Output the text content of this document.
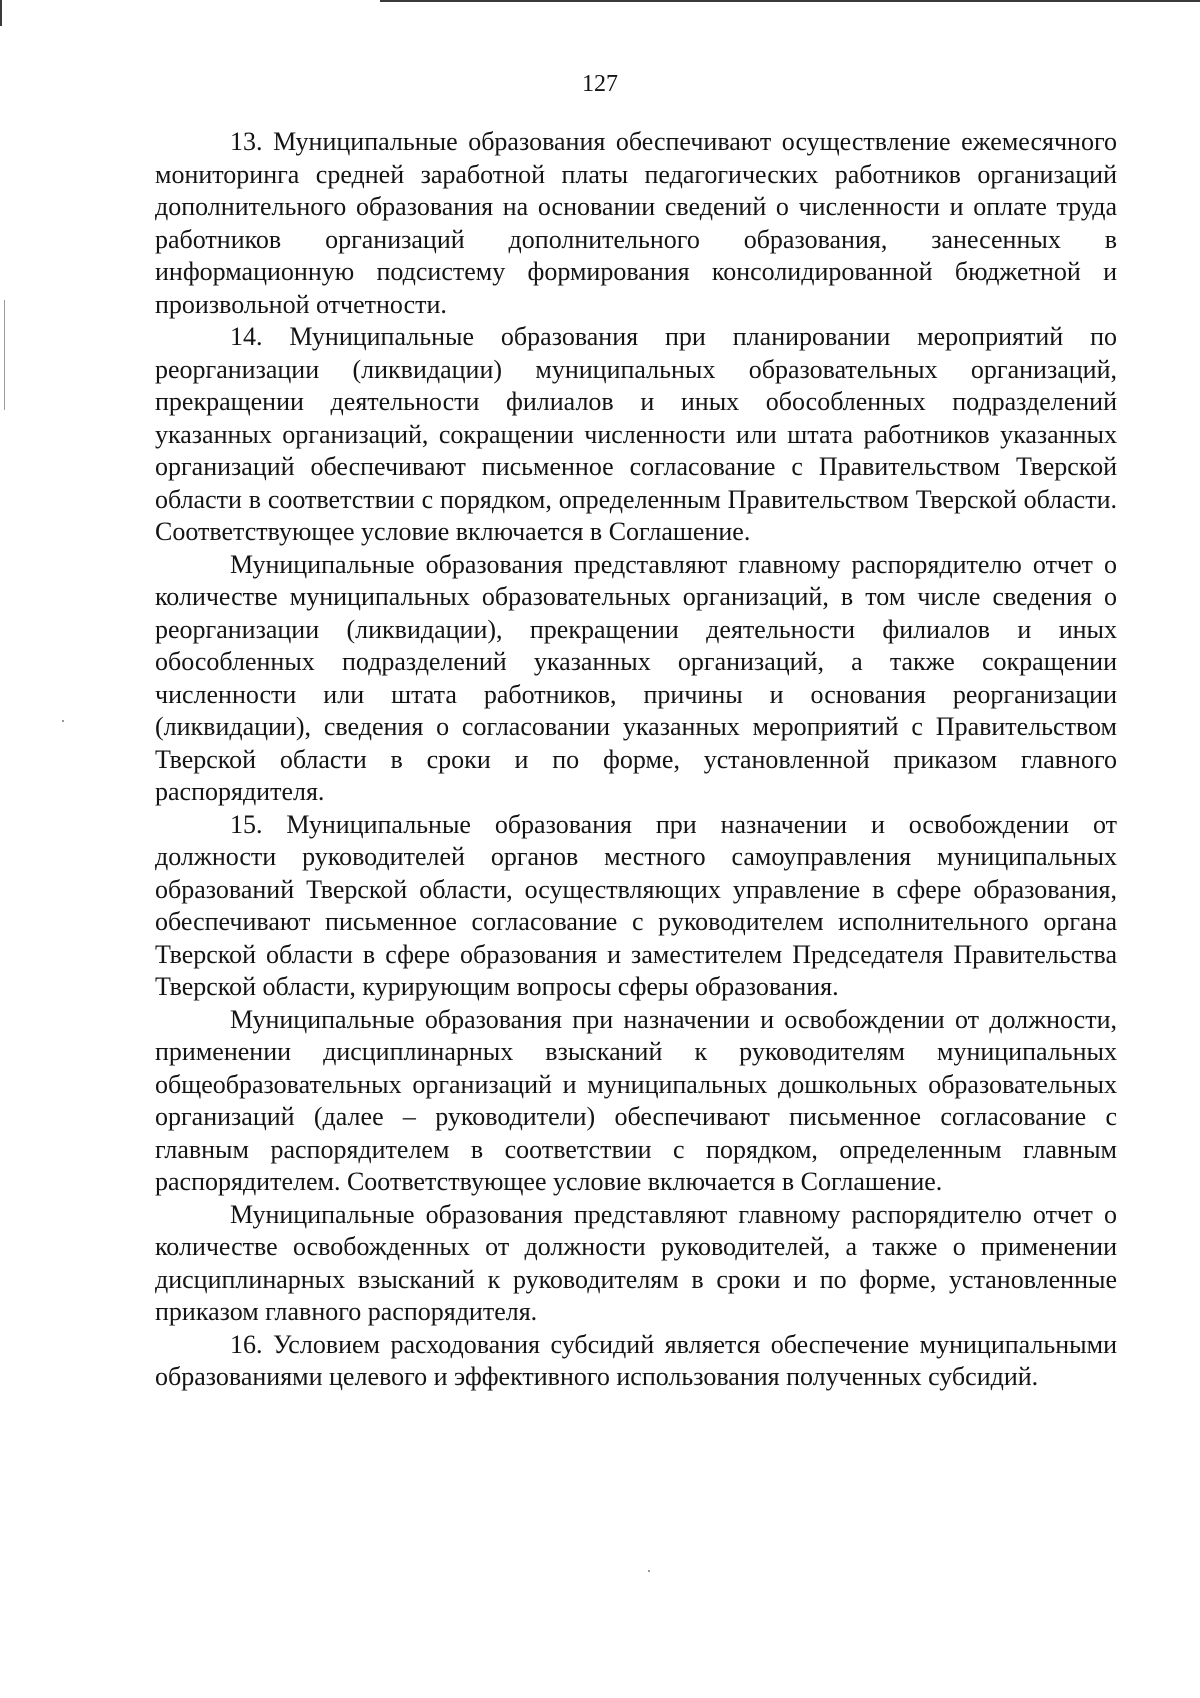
127

13. Муниципальные образования обеспечивают осуществление ежемесячного мониторинга средней заработной платы педагогических работников организаций дополнительного образования на основании сведений о численности и оплате труда работников организаций дополнительного образования, занесенных в информационную подсистему формирования консолидированной бюджетной и произвольной отчетности.

14. Муниципальные образования при планировании мероприятий по реорганизации (ликвидации) муниципальных образовательных организаций, прекращении деятельности филиалов и иных обособленных подразделений указанных организаций, сокращении численности или штата работников указанных организаций обеспечивают письменное согласование с Правительством Тверской области в соответствии с порядком, определенным Правительством Тверской области. Соответствующее условие включается в Соглашение.

Муниципальные образования представляют главному распорядителю отчет о количестве муниципальных образовательных организаций, в том числе сведения о реорганизации (ликвидации), прекращении деятельности филиалов и иных обособленных подразделений указанных организаций, а также сокращении численности или штата работников, причины и основания реорганизации (ликвидации), сведения о согласовании указанных мероприятий с Правительством Тверской области в сроки и по форме, установленной приказом главного распорядителя.

15. Муниципальные образования при назначении и освобождении от должности руководителей органов местного самоуправления муниципальных образований Тверской области, осуществляющих управление в сфере образования, обеспечивают письменное согласование с руководителем исполнительного органа Тверской области в сфере образования и заместителем Председателя Правительства Тверской области, курирующим вопросы сферы образования.

Муниципальные образования при назначении и освобождении от должности, применении дисциплинарных взысканий к руководителям муниципальных общеобразовательных организаций и муниципальных дошкольных образовательных организаций (далее – руководители) обеспечивают письменное согласование с главным распорядителем в соответствии с порядком, определенным главным распорядителем. Соответствующее условие включается в Соглашение.

Муниципальные образования представляют главному распорядителю отчет о количестве освобожденных от должности руководителей, а также о применении дисциплинарных взысканий к руководителям в сроки и по форме, установленные приказом главного распорядителя.

16. Условием расходования субсидий является обеспечение муниципальными образованиями целевого и эффективного использования полученных субсидий.
